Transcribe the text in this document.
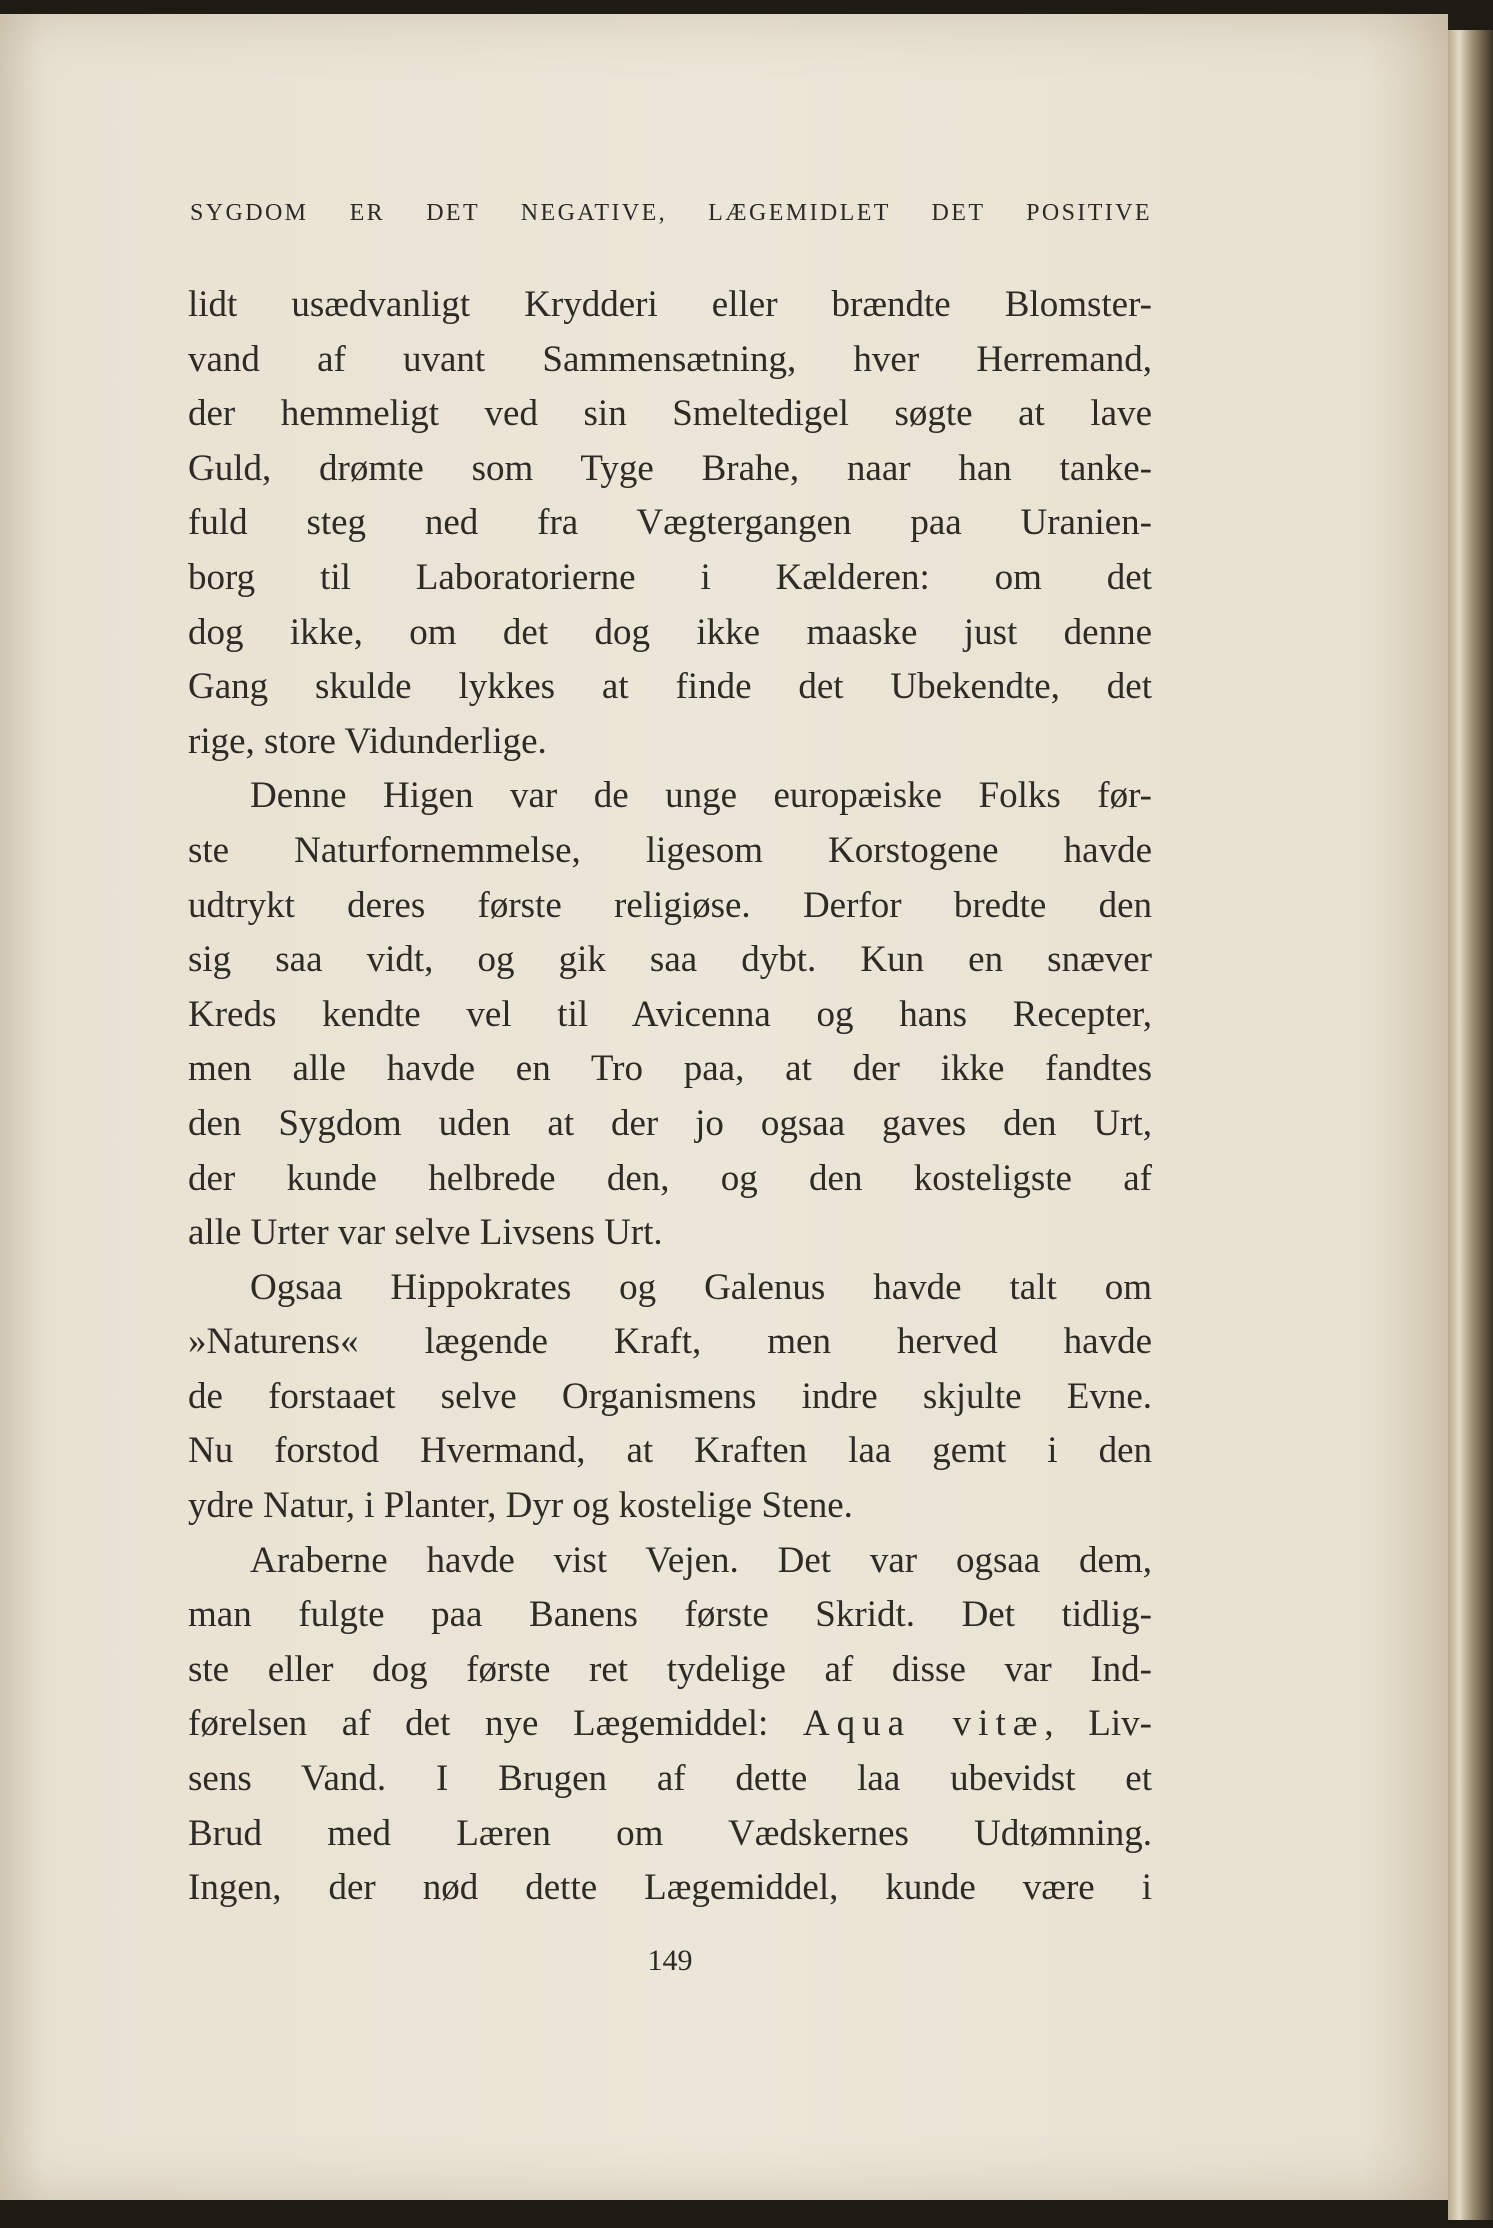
SYGDOM ER DET NEGATIVE, LÆGEMIDLET DET POSITIVE
lidt usædvanligt Krydderi eller brændte Blomster-
vand af uvant Sammensætning, hver Herremand,
der hemmeligt ved sin Smeltedigel søgte at lave
Guld, drømte som Tyge Brahe, naar han tanke-
fuld steg ned fra Vægtergangen paa Uranien-
borg til Laboratorierne i Kælderen: om det
dog ikke, om det dog ikke maaske just denne
Gang skulde lykkes at finde det Ubekendte, det
rige, store Vidunderlige.
Denne Higen var de unge europæiske Folks før-
ste Naturfornemmelse, ligesom Korstogene havde
udtrykt deres første religiøse. Derfor bredte den
sig saa vidt, og gik saa dybt. Kun en snæver
Kreds kendte vel til Avicenna og hans Recepter,
men alle havde en Tro paa, at der ikke fandtes
den Sygdom uden at der jo ogsaa gaves den Urt,
der kunde helbrede den, og den kosteligste af
alle Urter var selve Livsens Urt.
Ogsaa Hippokrates og Galenus havde talt om
»Naturens« lægende Kraft, men herved havde
de forstaaet selve Organismens indre skjulte Evne.
Nu forstod Hvermand, at Kraften laa gemt i den
ydre Natur, i Planter, Dyr og kostelige Stene.
Araberne havde vist Vejen. Det var ogsaa dem,
man fulgte paa Banens første Skridt. Det tidlig-
ste eller dog første ret tydelige af disse var Ind-
førelsen af det nye Lægemiddel: Aqua vitæ, Liv-
sens Vand. I Brugen af dette laa ubevidst et
Brud med Læren om Vædskernes Udtømning.
Ingen, der nød dette Lægemiddel, kunde være i
149
